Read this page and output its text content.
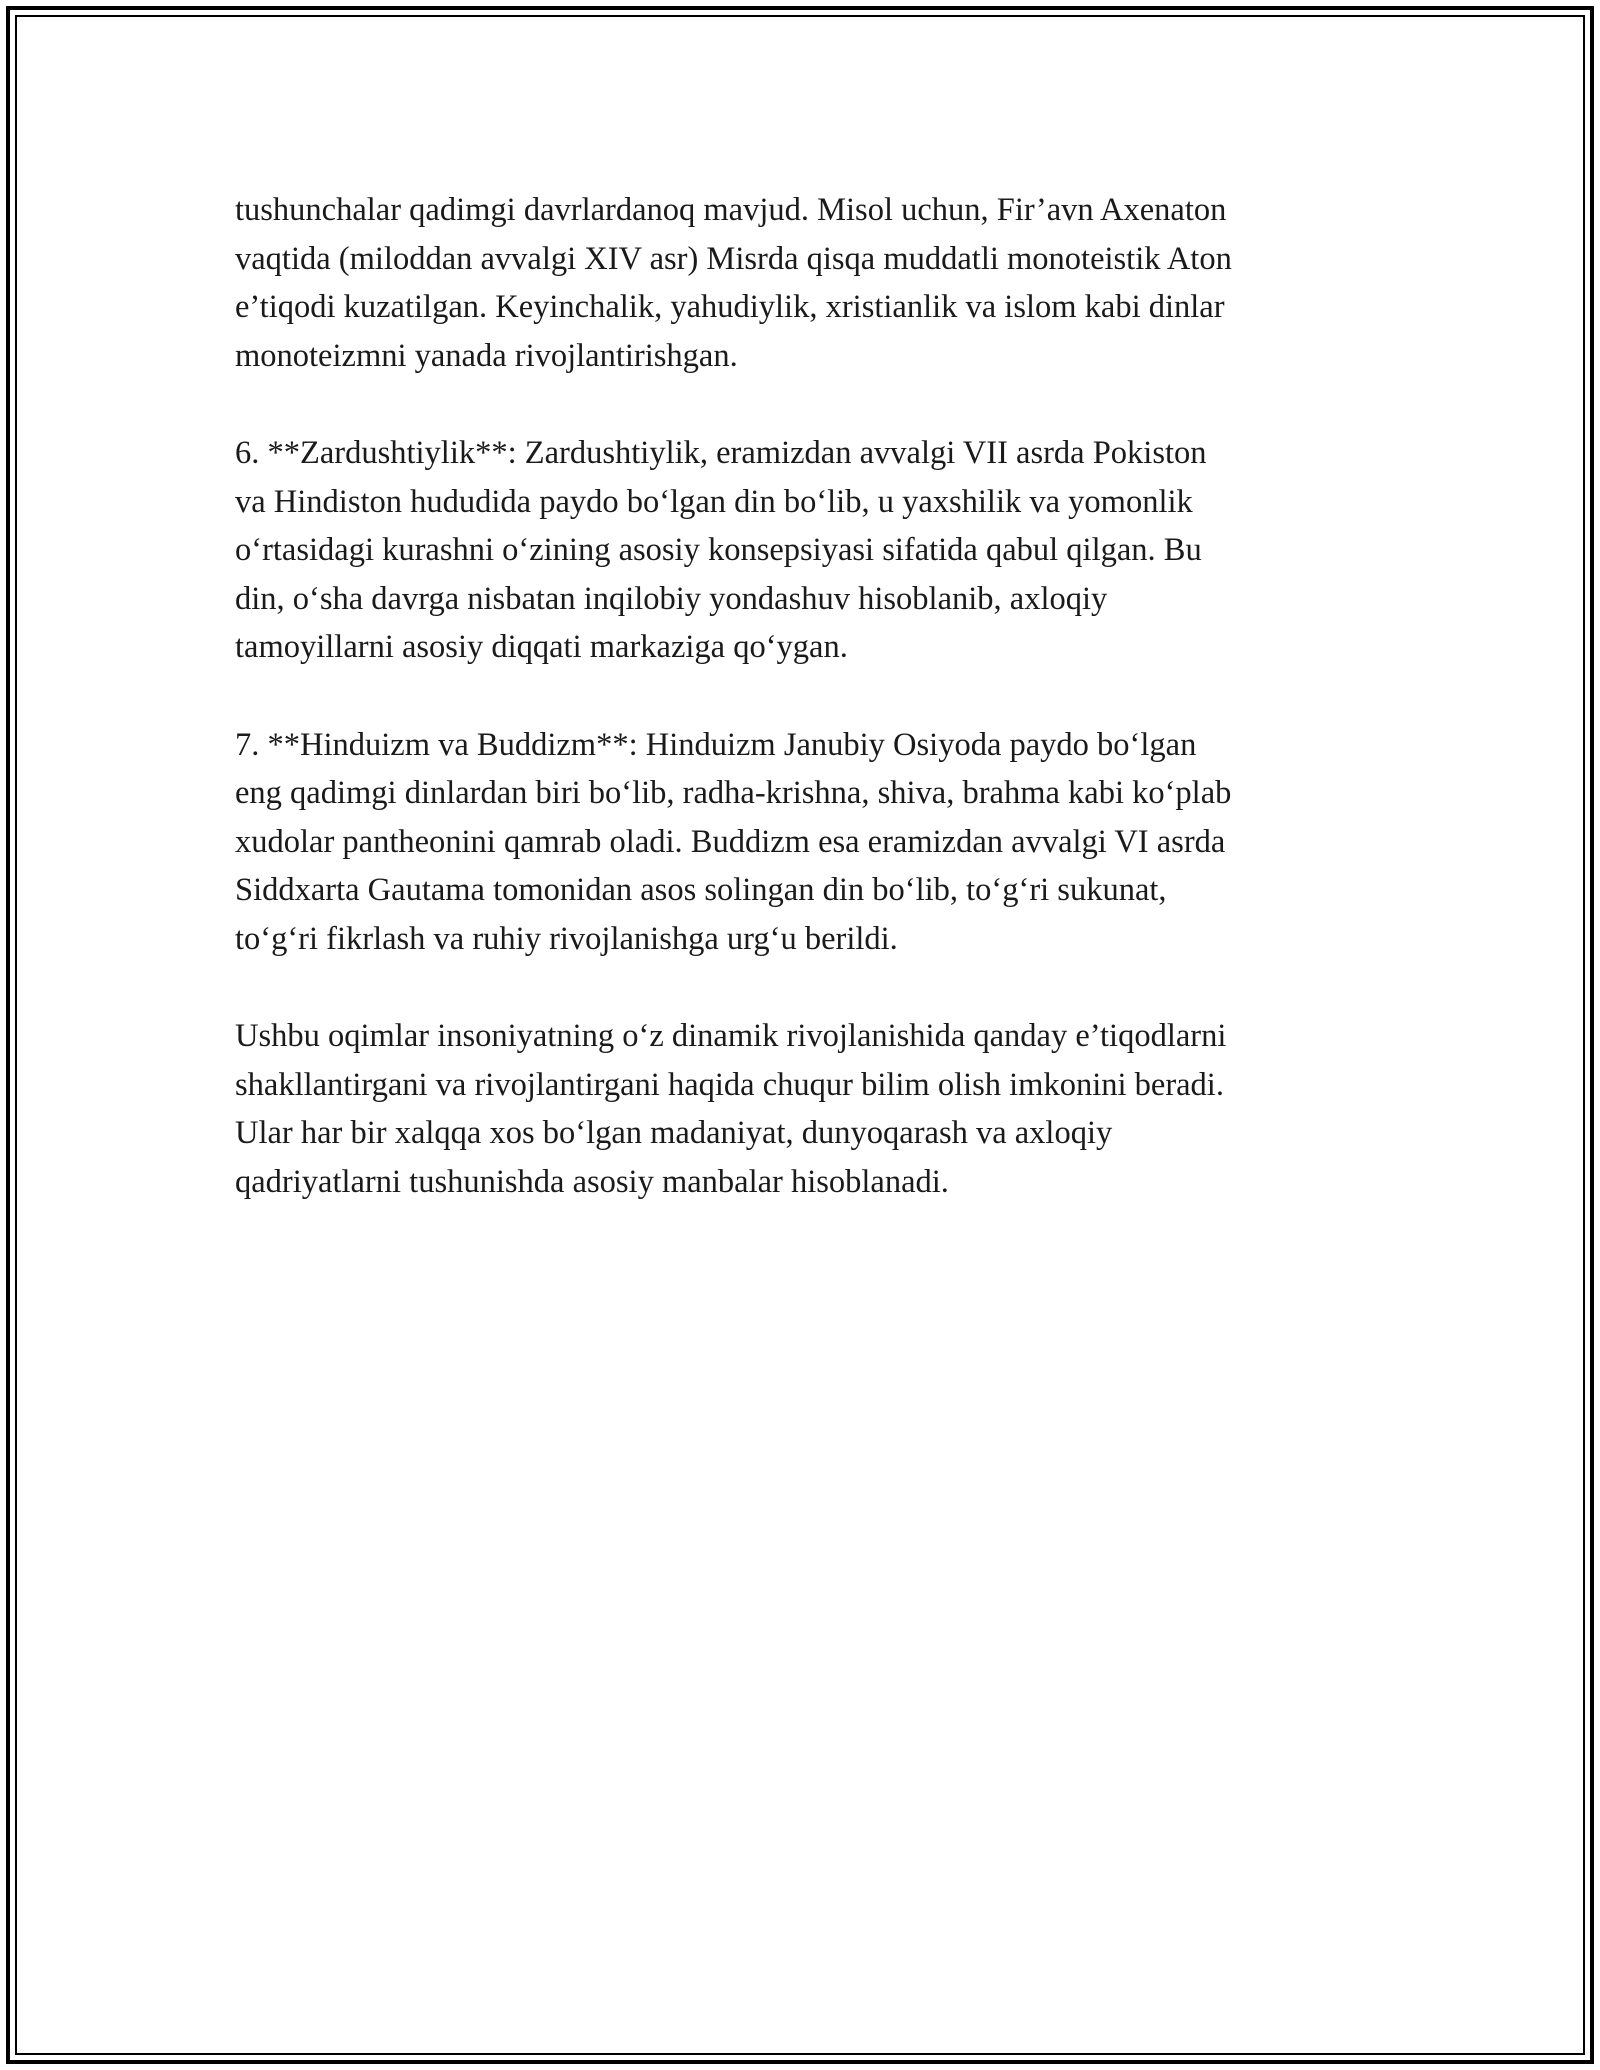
tushunchalar qadimgi davrlardanoq mavjud. Misol uchun, Fir’avn Axenaton
vaqtida (miloddan avvalgi XIV asr) Misrda qisqa muddatli monoteistik Aton
e’tiqodi kuzatilgan. Keyinchalik, yahudiylik, xristianlik va islom kabi dinlar
monoteizmni yanada rivojlantirishgan.

6. **Zardushtiylik**: Zardushtiylik, eramizdan avvalgi VII asrda Pokiston
va Hindiston hududida paydo bo‘lgan din bo‘lib, u yaxshilik va yomonlik
o‘rtasidagi kurashni o‘zining asosiy konsepsiyasi sifatida qabul qilgan. Bu
din, o‘sha davrga nisbatan inqilobiy yondashuv hisoblanib, axloqiy
tamoyillarni asosiy diqqati markaziga qo‘ygan.

7. **Hinduizm va Buddizm**: Hinduizm Janubiy Osiyoda paydo bo‘lgan
eng qadimgi dinlardan biri bo‘lib, radha-krishna, shiva, brahma kabi ko‘plab
xudolar pantheonini qamrab oladi. Buddizm esa eramizdan avvalgi VI asrda
Siddxarta Gautama tomonidan asos solingan din bo‘lib, to‘g‘ri sukunat,
to‘g‘ri fikrlash va ruhiy rivojlanishga urg‘u berildi.

Ushbu oqimlar insoniyatning o‘z dinamik rivojlanishida qanday e’tiqodlarni
shakllantirgani va rivojlantirgani haqida chuqur bilim olish imkonini beradi.
Ular har bir xalqqa xos bo‘lgan madaniyat, dunyoqarash va axloqiy
qadriyatlarni tushunishda asosiy manbalar hisoblanadi.
